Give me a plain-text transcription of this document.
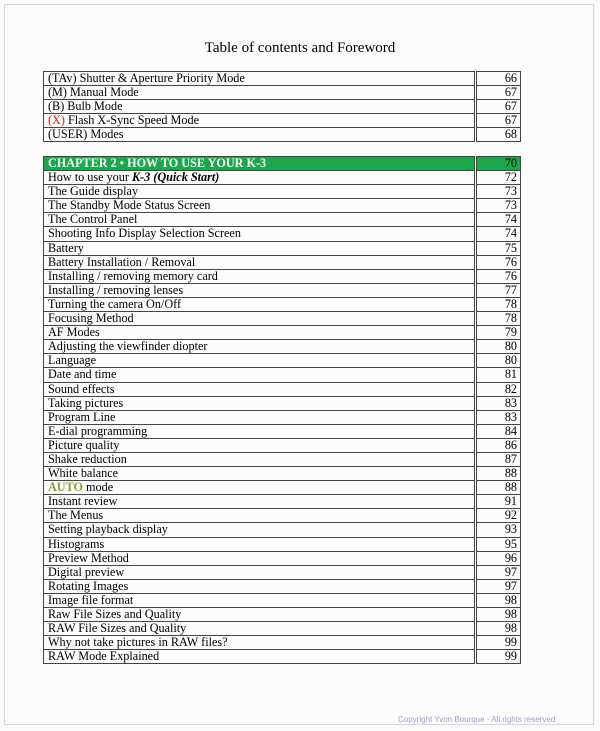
Table of contents and Foreword
(TAv) Shutter & Aperture Priority Mode	66
(M) Manual Mode	67
(B) Bulb Mode	67
(X) Flash X-Sync Speed Mode	67
(USER) Modes	68
CHAPTER 2 • HOW TO USE YOUR K-3	70
How to use your K-3 (Quick Start)	72
The Guide display	73
The Standby Mode Status Screen	73
The Control Panel	74
Shooting Info Display Selection Screen	74
Battery	75
Battery Installation / Removal	76
Installing / removing memory card	76
Installing / removing lenses	77
Turning the camera On/Off	78
Focusing Method	78
AF Modes	79
Adjusting the viewfinder diopter	80
Language	80
Date and time	81
Sound effects	82
Taking pictures	83
Program Line	83
E-dial programming	84
Picture quality	86
Shake reduction	87
White balance	88
AUTO mode	88
Instant review	91
The Menus	92
Setting playback display	93
Histograms	95
Preview Method	96
Digital preview	97
Rotating Images	97
Image file format	98
Raw File Sizes and Quality	98
RAW File Sizes and Quality	98
Why not take pictures in RAW files?	99
RAW Mode Explained	99
Copyright Yvon Bourque - All rights reserved
